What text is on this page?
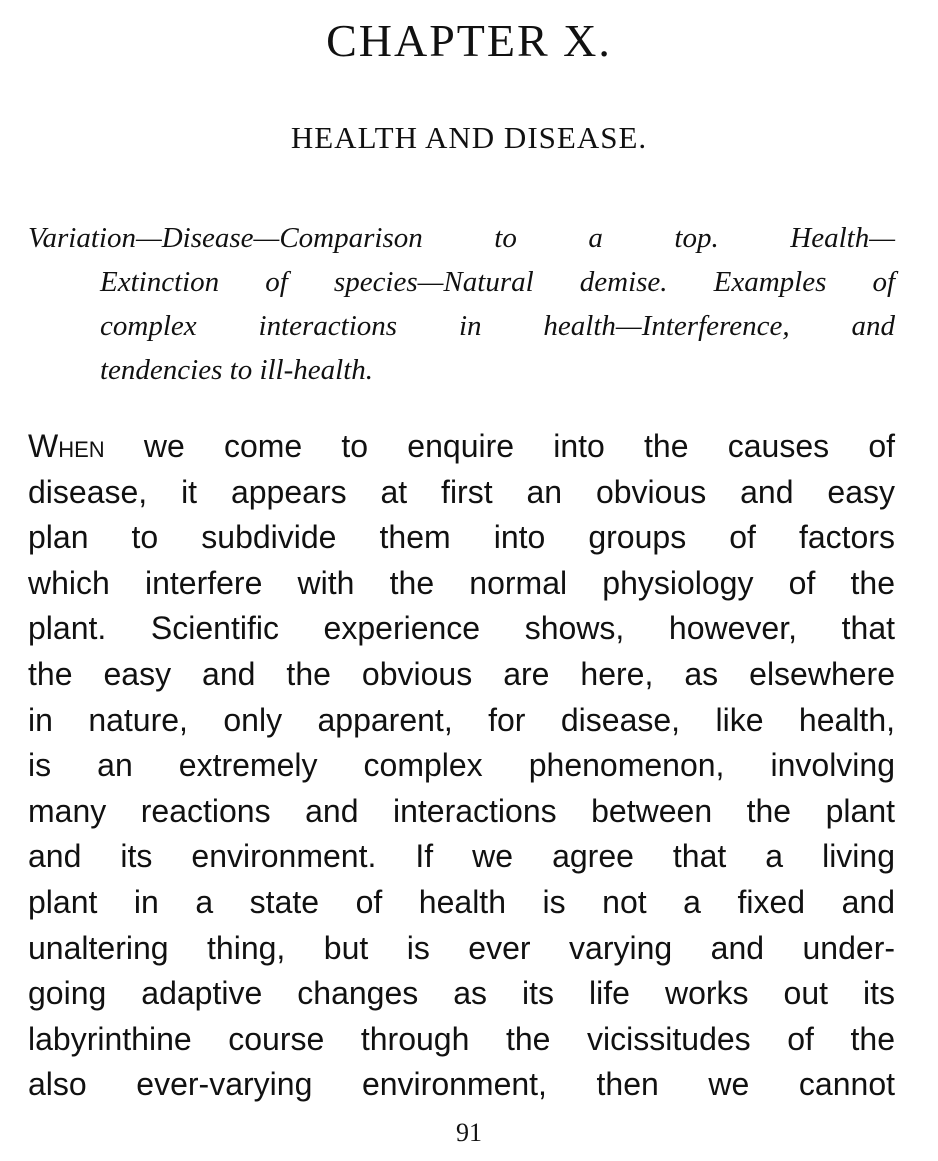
CHAPTER X.
HEALTH AND DISEASE.
Variation—Disease—Comparison to a top. Health—
Extinction of species—Natural demise. Examples of
complex interactions in health—Interference, and
tendencies to ill-health.
When we come to enquire into the causes of
disease, it appears at first an obvious and easy
plan to subdivide them into groups of factors
which interfere with the normal physiology of the
plant. Scientific experience shows, however, that
the easy and the obvious are here, as elsewhere
in nature, only apparent, for disease, like health,
is an extremely complex phenomenon, involving
many reactions and interactions between the plant
and its environment. If we agree that a living
plant in a state of health is not a fixed and
unaltering thing, but is ever varying and under-
going adaptive changes as its life works out its
labyrinthine course through the vicissitudes of the
also ever-varying environment, then we cannot
91
